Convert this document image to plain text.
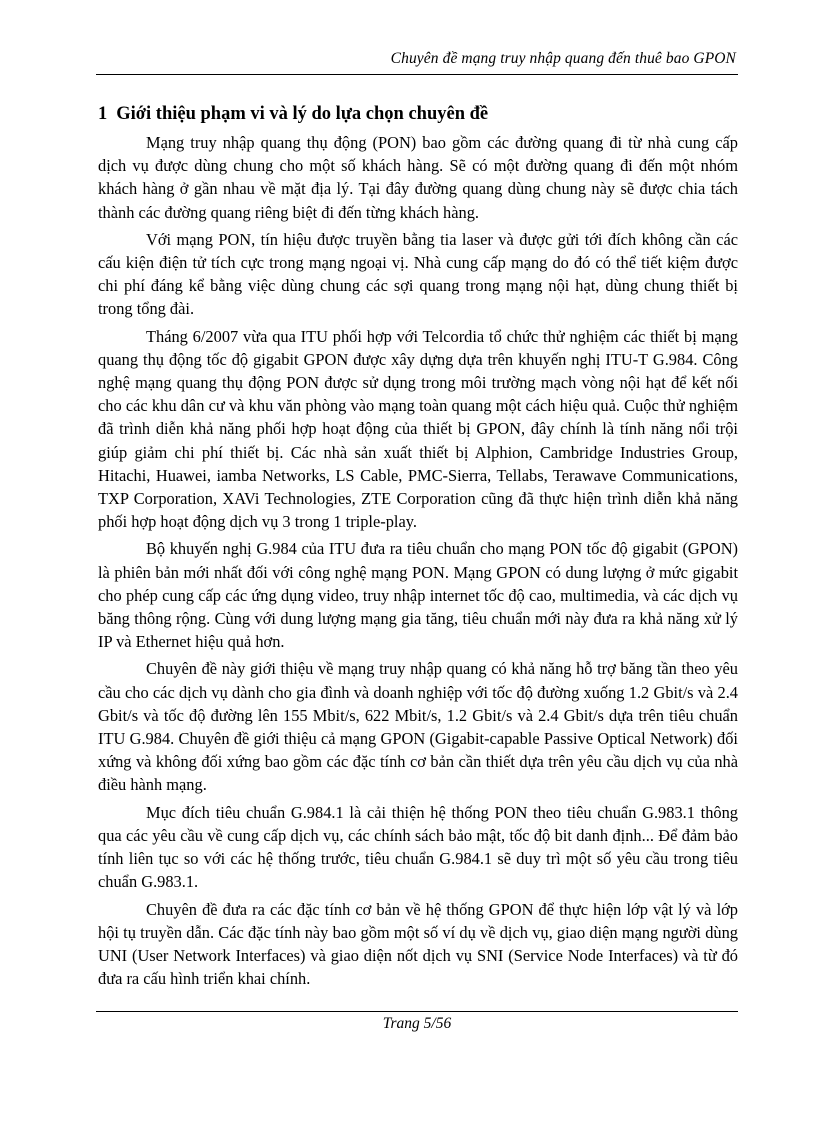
Chuyên đề mạng truy nhập quang đến thuê bao GPON
1 Giới thiệu phạm vi và lý do lựa chọn chuyên đề

Mạng truy nhập quang thụ động (PON) bao gồm các đường quang đi từ nhà cung cấp dịch vụ được dùng chung cho một số khách hàng. Sẽ có một đường quang đi đến một nhóm khách hàng ở gần nhau về mặt địa lý. Tại đây đường quang dùng chung này sẽ được chia tách thành các đường quang riêng biệt đi đến từng khách hàng.

Với mạng PON, tín hiệu được truyền bằng tia laser và được gửi tới đích không cần các cấu kiện điện tử tích cực trong mạng ngoại vị. Nhà cung cấp mạng do đó có thể tiết kiệm được chi phí đáng kể bằng việc dùng chung các sợi quang trong mạng nội hạt, dùng chung thiết bị trong tổng đài.

Tháng 6/2007 vừa qua ITU phối hợp với Telcordia tổ chức thử nghiệm các thiết bị mạng quang thụ động tốc độ gigabit GPON được xây dựng dựa trên khuyến nghị ITU-T G.984. Công nghệ mạng quang thụ động PON được sử dụng trong môi trường mạch vòng nội hạt để kết nối cho các khu dân cư và khu văn phòng vào mạng toàn quang một cách hiệu quả. Cuộc thử nghiệm đã trình diễn khả năng phối hợp hoạt động của thiết bị GPON, đây chính là tính năng nổi trội giúp giảm chi phí thiết bị. Các nhà sản xuất thiết bị Alphion, Cambridge Industries Group, Hitachi, Huawei, iamba Networks, LS Cable, PMC-Sierra, Tellabs, Terawave Communications, TXP Corporation, XAVi Technologies, ZTE Corporation cũng đã thực hiện trình diễn khả năng phối hợp hoạt động dịch vụ 3 trong 1 triple-play.

Bộ khuyến nghị G.984 của ITU đưa ra tiêu chuẩn cho mạng PON tốc độ gigabit (GPON) là phiên bản mới nhất đối với công nghệ mạng PON. Mạng GPON có dung lượng ở mức gigabit cho phép cung cấp các ứng dụng video, truy nhập internet tốc độ cao, multimedia, và các dịch vụ băng thông rộng. Cùng với dung lượng mạng gia tăng, tiêu chuẩn mới này đưa ra khả năng xử lý IP và Ethernet hiệu quả hơn.

Chuyên đề này giới thiệu về mạng truy nhập quang có khả năng hỗ trợ băng tần theo yêu cầu cho các dịch vụ dành cho gia đình và doanh nghiệp với tốc độ đường xuống 1.2 Gbit/s và 2.4 Gbit/s và tốc độ đường lên 155 Mbit/s, 622 Mbit/s, 1.2 Gbit/s và 2.4 Gbit/s dựa trên tiêu chuẩn ITU G.984. Chuyên đề giới thiệu cả mạng GPON (Gigabit-capable Passive Optical Network) đối xứng và không đối xứng bao gồm các đặc tính cơ bản cần thiết dựa trên yêu cầu dịch vụ của nhà điều hành mạng.

Mục đích tiêu chuẩn G.984.1 là cải thiện hệ thống PON theo tiêu chuẩn G.983.1 thông qua các yêu cầu về cung cấp dịch vụ, các chính sách bảo mật, tốc độ bit danh định... Để đảm bảo tính liên tục so với các hệ thống trước, tiêu chuẩn G.984.1 sẽ duy trì một số yêu cầu trong tiêu chuẩn G.983.1.

Chuyên đề đưa ra các đặc tính cơ bản về hệ thống GPON để thực hiện lớp vật lý và lớp hội tụ truyền dẫn. Các đặc tính này bao gồm một số ví dụ về dịch vụ, giao diện mạng người dùng UNI (User Network Interfaces) và giao diện nốt dịch vụ SNI (Service Node Interfaces) và từ đó đưa ra cấu hình triển khai chính.

Trang 5/56
